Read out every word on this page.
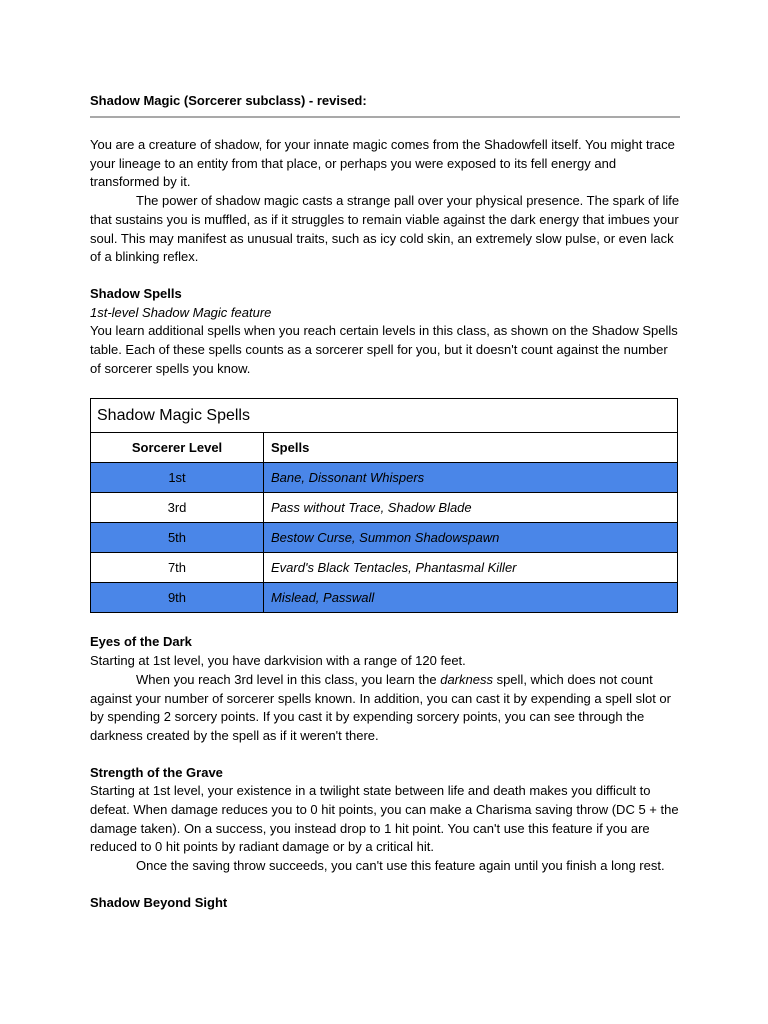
Shadow Magic (Sorcerer subclass) - revised:

You are a creature of shadow, for your innate magic comes from the Shadowfell itself. You might trace your lineage to an entity from that place, or perhaps you were exposed to its fell energy and transformed by it.

The power of shadow magic casts a strange pall over your physical presence. The spark of life that sustains you is muffled, as if it struggles to remain viable against the dark energy that imbues your soul. This may manifest as unusual traits, such as icy cold skin, an extremely slow pulse, or even lack of a blinking reflex.

Shadow Spells

1st-level Shadow Magic feature

You learn additional spells when you reach certain levels in this class, as shown on the Shadow Spells table. Each of these spells counts as a sorcerer spell for you, but it doesn't count against the number of sorcerer spells you know.

Shadow Magic Spells	
Sorcerer Level	Spells
1st	Bane, Dissonant Whispers
3rd	Pass without Trace, Shadow Blade
5th	Bestow Curse, Summon Shadowspawn
7th	Evard's Black Tentacles, Phantasmal Killer
9th	Mislead, Passwall

Eyes of the Dark

Starting at 1st level, you have darkvision with a range of 120 feet.

When you reach 3rd level in this class, you learn the darkness spell, which does not count against your number of sorcerer spells known. In addition, you can cast it by expending a spell slot or by spending 2 sorcery points. If you cast it by expending sorcery points, you can see through the darkness created by the spell as if it weren't there.

Strength of the Grave

Starting at 1st level, your existence in a twilight state between life and death makes you difficult to defeat. When damage reduces you to 0 hit points, you can make a Charisma saving throw (DC 5 + the damage taken). On a success, you instead drop to 1 hit point. You can't use this feature if you are reduced to 0 hit points by radiant damage or by a critical hit.

Once the saving throw succeeds, you can't use this feature again until you finish a long rest.

Shadow Beyond Sight
